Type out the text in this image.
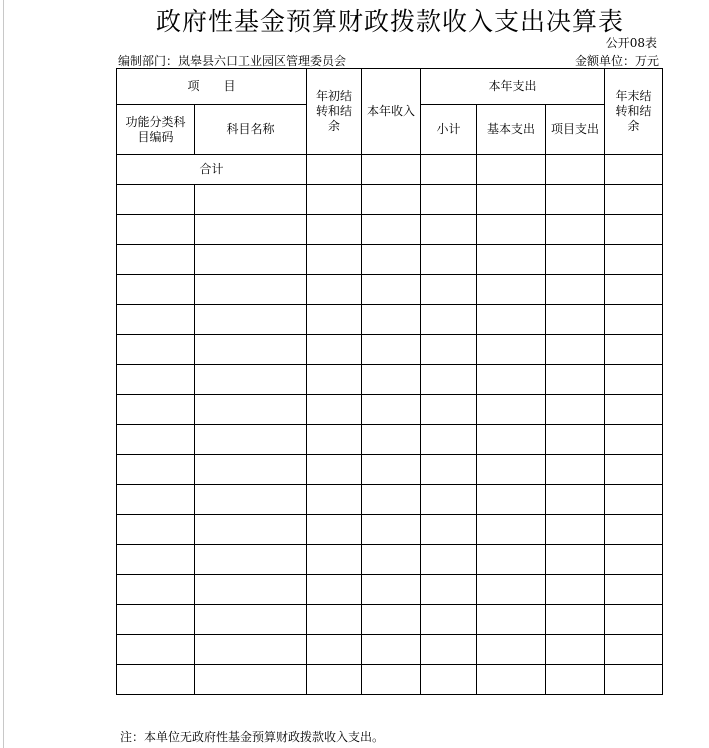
政府性基金预算财政拨款收入支出决算表
公开08表
编制部门：岚皋县六口工业园区管理委员会	金额单位：万元
项　　目		年初结转和结余	本年收入	本年支出			年末结转和结余

功能分类科目编码	科目名称			小计	基本支出	项目支出	
合计							

注：本单位无政府性基金预算财政拨款收入支出。
